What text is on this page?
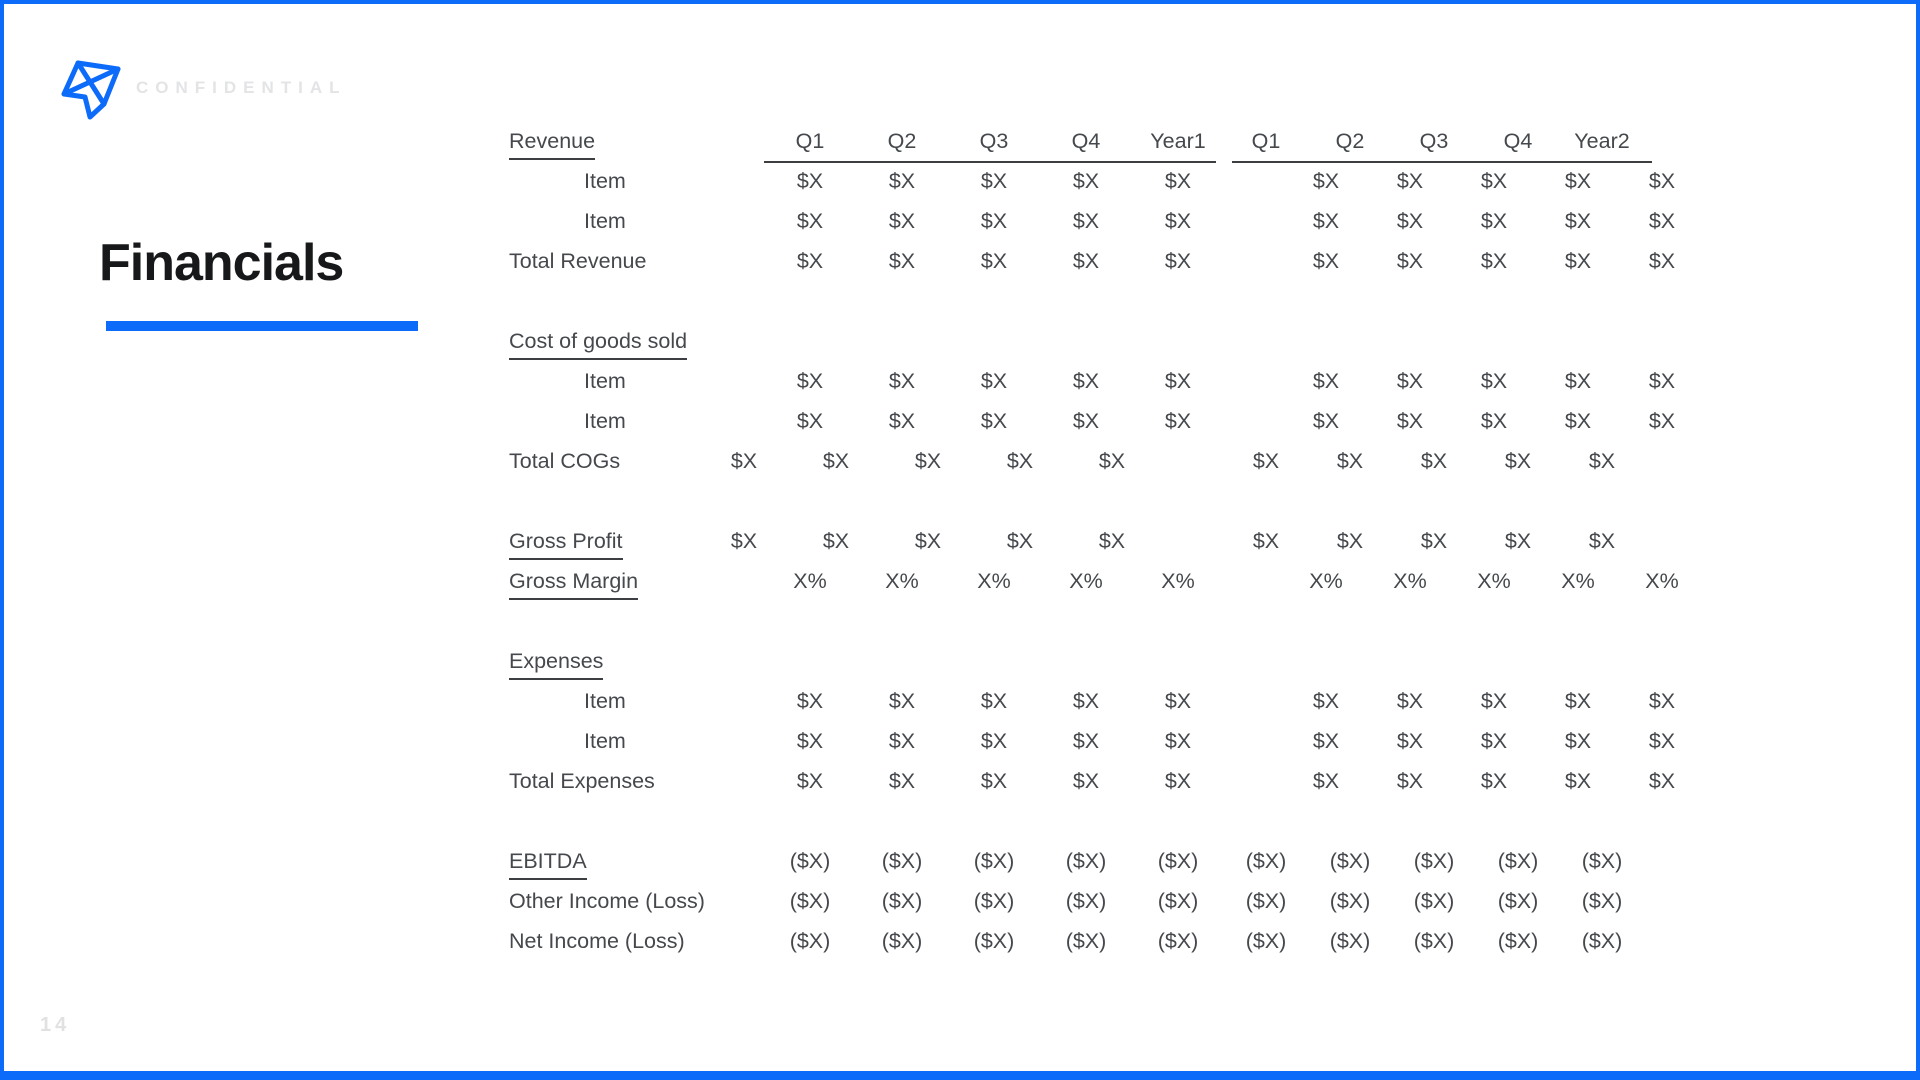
CONFIDENTIAL
Financials
Revenue	Q1	Q2	Q3	Q4	Year1	Q1	Q2	Q3	Q4	Year2
Item	$X	$X	$X	$X	$X	$X	$X	$X	$X	$X
Item	$X	$X	$X	$X	$X	$X	$X	$X	$X	$X
Total Revenue	$X	$X	$X	$X	$X	$X	$X	$X	$X	$X
Cost of goods sold
Item	$X	$X	$X	$X	$X	$X	$X	$X	$X	$X
Item	$X	$X	$X	$X	$X	$X	$X	$X	$X	$X
Total COGs	$X	$X	$X	$X	$X	$X	$X	$X	$X	$X
Gross Profit	$X	$X	$X	$X	$X	$X	$X	$X	$X	$X
Gross Margin	X%	X%	X%	X%	X%	X%	X%	X%	X%	X%
Expenses
Item	$X	$X	$X	$X	$X	$X	$X	$X	$X	$X
Item	$X	$X	$X	$X	$X	$X	$X	$X	$X	$X
Total Expenses	$X	$X	$X	$X	$X	$X	$X	$X	$X	$X
EBITDA	($X)	($X)	($X)	($X)	($X)	($X)	($X)	($X)	($X)	($X)
Other Income (Loss)	($X)	($X)	($X)	($X)	($X)	($X)	($X)	($X)	($X)	($X)
Net Income (Loss)	($X)	($X)	($X)	($X)	($X)	($X)	($X)	($X)	($X)	($X)
14
